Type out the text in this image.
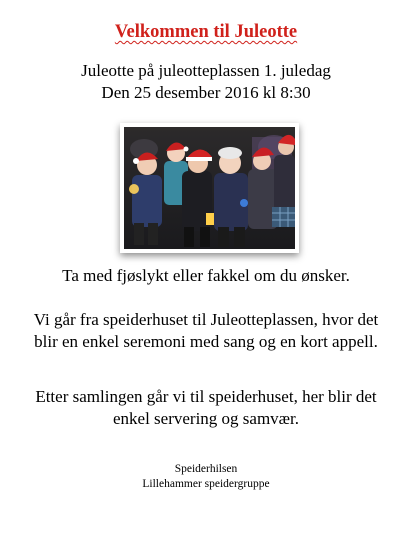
Velkommen til Juleotte
Juleotte på juleotteplassen 1. juledag
Den 25 desember 2016 kl 8:30

Ta med fjøslykt eller fakkel om du ønsker.

Vi går fra speiderhuset til Juleotteplassen, hvor det blir en enkel seremoni med sang og en kort appell.

Etter samlingen går vi til speiderhuset, her blir det enkel servering og samvær.

Speiderhilsen
Lillehammer speidergruppe
